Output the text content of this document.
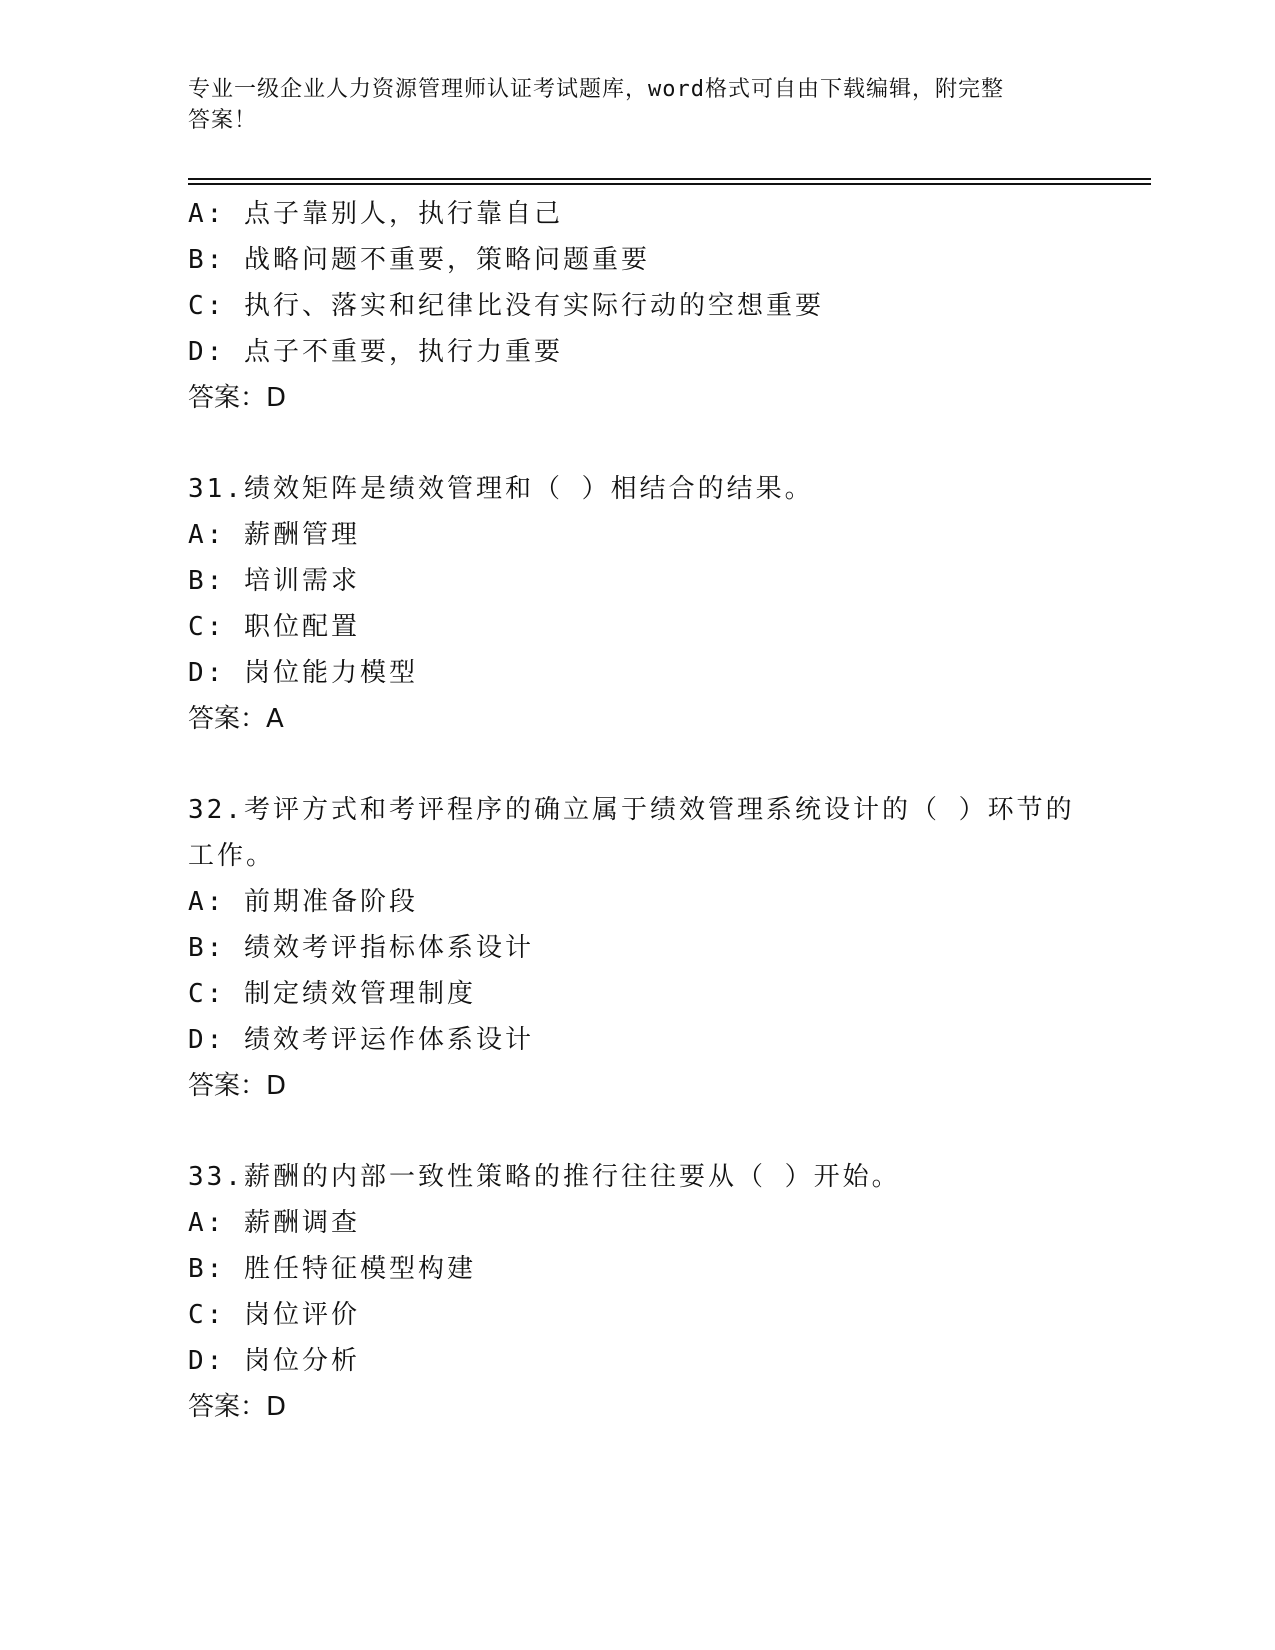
专业一级企业人力资源管理师认证考试题库，word格式可自由下载编辑，附完整
答案！
A: 点子靠别人，执行靠自己
B: 战略问题不重要，策略问题重要
C: 执行、落实和纪律比没有实际行动的空想重要
D: 点子不重要，执行力重要
答案：D
31.绩效矩阵是绩效管理和（ ）相结合的结果。
A: 薪酬管理
B: 培训需求
C: 职位配置
D: 岗位能力模型
答案：A
32.考评方式和考评程序的确立属于绩效管理系统设计的（ ）环节的
工作。
A: 前期准备阶段
B: 绩效考评指标体系设计
C: 制定绩效管理制度
D: 绩效考评运作体系设计
答案：D
33.薪酬的内部一致性策略的推行往往要从（ ）开始。
A: 薪酬调查
B: 胜任特征模型构建
C: 岗位评价
D: 岗位分析
答案：D
